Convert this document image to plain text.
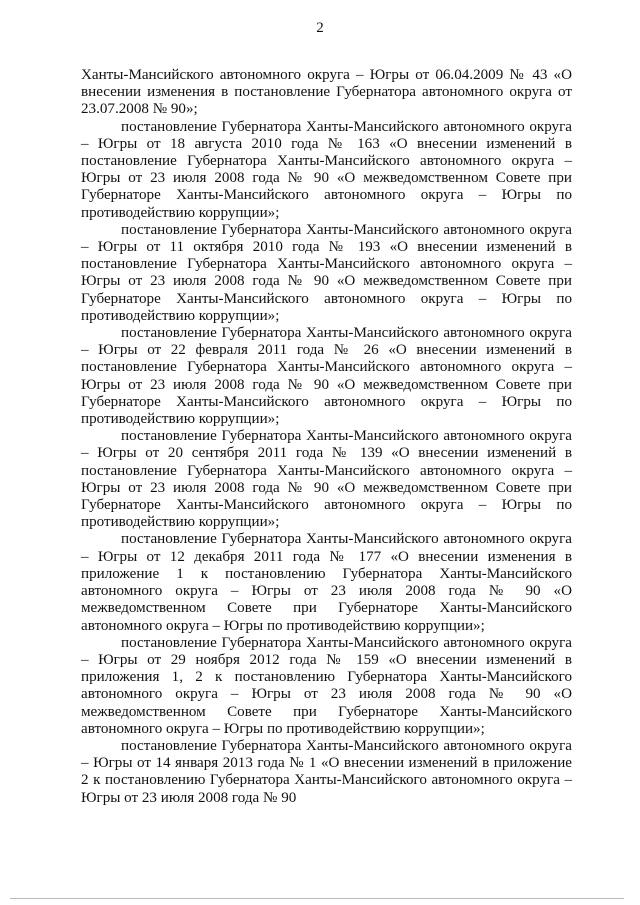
2

Ханты-Мансийского автономного округа – Югры от 06.04.2009 № 43 «О внесении изменения в постановление Губернатора автономного округа от 23.07.2008 № 90»;

постановление Губернатора Ханты-Мансийского автономного округа – Югры от 18 августа 2010 года № 163 «О внесении изменений в постановление Губернатора Ханты-Мансийского автономного округа – Югры от 23 июля 2008 года № 90 «О межведомственном Совете при Губернаторе Ханты-Мансийского автономного округа – Югры по противодействию коррупции»;

постановление Губернатора Ханты-Мансийского автономного округа – Югры от 11 октября 2010 года № 193 «О внесении изменений в постановление Губернатора Ханты-Мансийского автономного округа – Югры от 23 июля 2008 года № 90 «О межведомственном Совете при Губернаторе Ханты-Мансийского автономного округа – Югры по противодействию коррупции»;

постановление Губернатора Ханты-Мансийского автономного округа – Югры от 22 февраля 2011 года № 26 «О внесении изменений в постановление Губернатора Ханты-Мансийского автономного округа – Югры от 23 июля 2008 года № 90 «О межведомственном Совете при Губернаторе Ханты-Мансийского автономного округа – Югры по противодействию коррупции»;

постановление Губернатора Ханты-Мансийского автономного округа – Югры от 20 сентября 2011 года № 139 «О внесении изменений в постановление Губернатора Ханты-Мансийского автономного округа – Югры от 23 июля 2008 года № 90 «О межведомственном Совете при Губернаторе Ханты-Мансийского автономного округа – Югры по противодействию коррупции»;

постановление Губернатора Ханты-Мансийского автономного округа – Югры от 12 декабря 2011 года № 177 «О внесении изменения в приложение 1 к постановлению Губернатора Ханты-Мансийского автономного округа – Югры от 23 июля 2008 года № 90 «О межведомственном Совете при Губернаторе Ханты-Мансийского автономного округа – Югры по противодействию коррупции»;

постановление Губернатора Ханты-Мансийского автономного округа – Югры от 29 ноября 2012 года № 159 «О внесении изменений в приложения 1, 2 к постановлению Губернатора Ханты-Мансийского автономного округа – Югры от 23 июля 2008 года № 90 «О межведомственном Совете при Губернаторе Ханты-Мансийского автономного округа – Югры по противодействию коррупции»;

постановление Губернатора Ханты-Мансийского автономного округа – Югры от 14 января 2013 года № 1 «О внесении изменений в приложение 2 к постановлению Губернатора Ханты-Мансийского автономного округа – Югры от 23 июля 2008 года № 90
